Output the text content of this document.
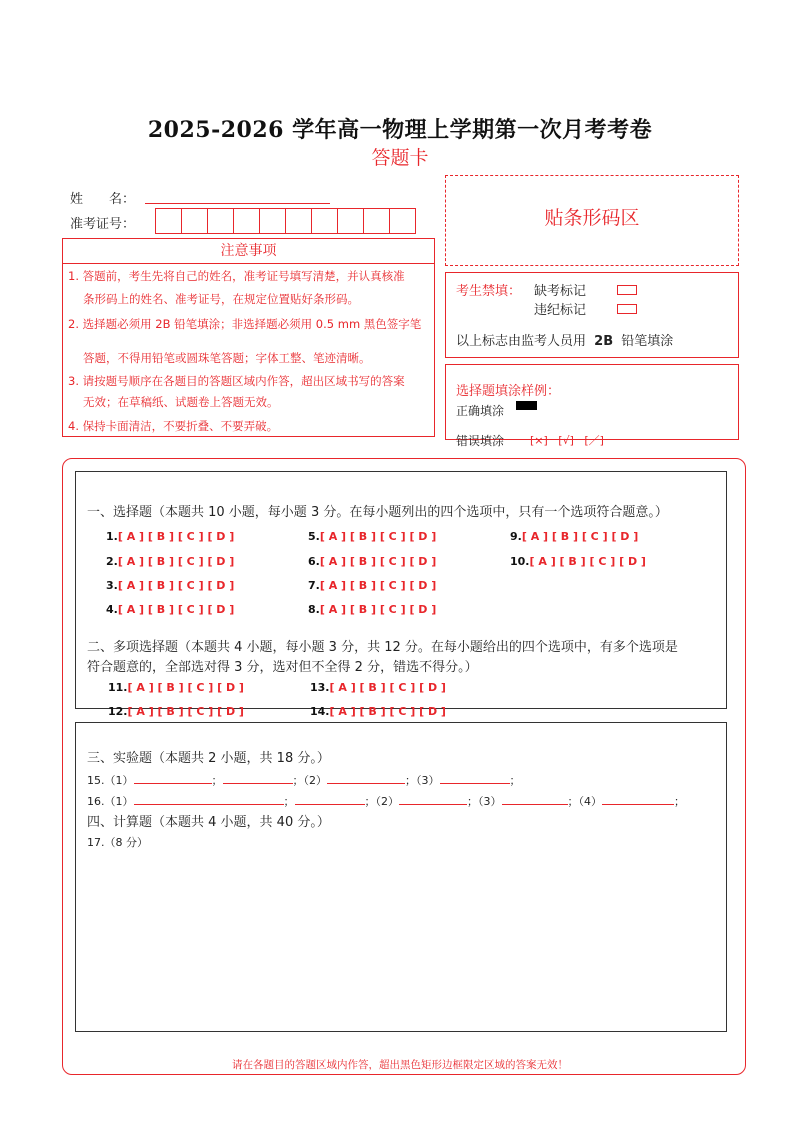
2025-2026 学年高一物理上学期第一次月考考卷
答题卡
姓　　名：
准考证号：
注意事项
1. 答题前，考生先将自己的姓名，准考证号填写清楚，并认真核准
条形码上的姓名、准考证号，在规定位置贴好条形码。
2. 选择题必须用 2B 铅笔填涂；非选择题必须用 0.5 mm 黑色签字笔
答题，不得用铅笔或圆珠笔答题；字体工整、笔迹清晰。
3. 请按题号顺序在各题目的答题区域内作答，超出区域书写的答案
无效；在草稿纸、试题卷上答题无效。
4. 保持卡面清洁，不要折叠、不要弄破。
贴条形码区
考生禁填： 缺考标记
违纪标记
以上标志由监考人员用 2B 铅笔填涂
选择题填涂样例：
正确填涂
错误填涂 [×]   [√]   [／]
一、选择题（本题共 10 小题，每小题 3 分。在每小题列出的四个选项中，只有一个选项符合题意。）
1.[ A ] [ B ] [ C ] [ D ]
2.[ A ] [ B ] [ C ] [ D ]
3.[ A ] [ B ] [ C ] [ D ]
4.[ A ] [ B ] [ C ] [ D ]
5.[ A ] [ B ] [ C ] [ D ]
6.[ A ] [ B ] [ C ] [ D ]
7.[ A ] [ B ] [ C ] [ D ]
8.[ A ] [ B ] [ C ] [ D ]
9.[ A ] [ B ] [ C ] [ D ]
10.[ A ] [ B ] [ C ] [ D ]
二、多项选择题（本题共 4 小题，每小题 3 分，共 12 分。在每小题给出的四个选项中，有多个选项是
符合题意的，全部选对得 3 分，选对但不全得 2 分，错选不得分。）
11.[ A ] [ B ] [ C ] [ D ]
12.[ A ] [ B ] [ C ] [ D ]
13.[ A ] [ B ] [ C ] [ D ]
14.[ A ] [ B ] [ C ] [ D ]
三、实验题（本题共 2 小题，共 18 分。）
15.（1）	；	；（2）	；（3）	；
16.（1）	；	；（2）	；（3）	；（4）	；
四、计算题（本题共 4 小题，共 40 分。）
17.（8 分）
请在各题目的答题区域内作答，超出黑色矩形边框限定区域的答案无效！
